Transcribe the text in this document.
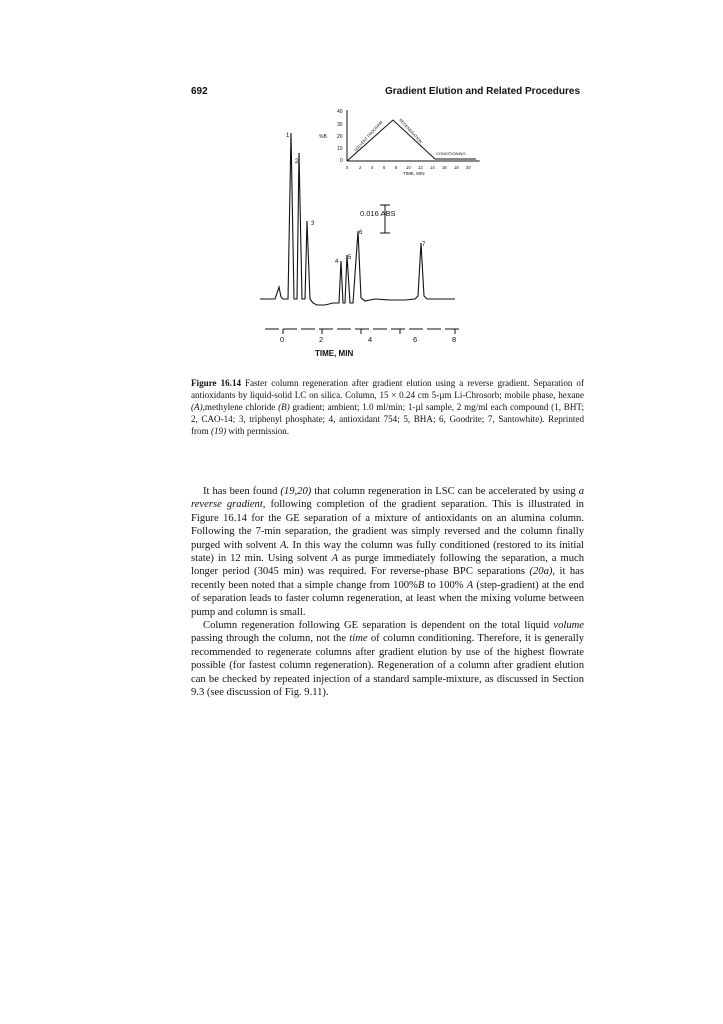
692	Gradient Elution and Related Procedures
40
30
20
10
0
%B
0	2 4 6 8 10 12 14 16 18 20
TIME, MIN
SOLVENT PROGRAM	REGENERATION
CONDITIONING
0.016 ABS
1
2
3
4
5
6
7
0	2	4	6	8
TIME, MIN
Figure 16.14 Faster column regeneration after gradient elution using a reverse gradient. Separation of antioxidants by liquid-solid LC on silica. Column, 15 × 0.24 cm 5-µm Li-Chrosorb; mobile phase, hexane (A),methylene chloride (B) gradient; ambient; 1.0 ml/min; 1-µl sample, 2 mg/ml each compound (1, BHT; 2, CAO-14; 3, triphenyl phosphate; 4, antioxidant 754; 5, BHA; 6, Goodrite; 7, Santowhite). Reprinted from (19) with permission.

It has been found (19,20) that column regeneration in LSC can be accelerated by using a reverse gradient, following completion of the gradient separation. This is illustrated in Figure 16.14 for the GE separation of a mixture of antioxidants on an alumina column. Following the 7-min separation, the gradient was simply reversed and the column finally purged with solvent A. In this way the column was fully conditioned (restored to its initial state) in 12 min. Using solvent A as purge immediately following the separation, a much longer period (3045 min) was required. For reverse-phase BPC separations (20a), it has recently been noted that a simple change from 100%B to 100% A (step-gradient) at the end of separation leads to faster column regeneration, at least when the mixing volume between pump and column is small.

Column regeneration following GE separation is dependent on the total liquid volume passing through the column, not the time of column conditioning. Therefore, it is generally recommended to regenerate columns after gradient elution by use of the highest flowrate possible (for fastest column regeneration). Regeneration of a column after gradient elution can be checked by repeated injection of a standard sample-mixture, as discussed in Section 9.3 (see discussion of Fig. 9.11).
